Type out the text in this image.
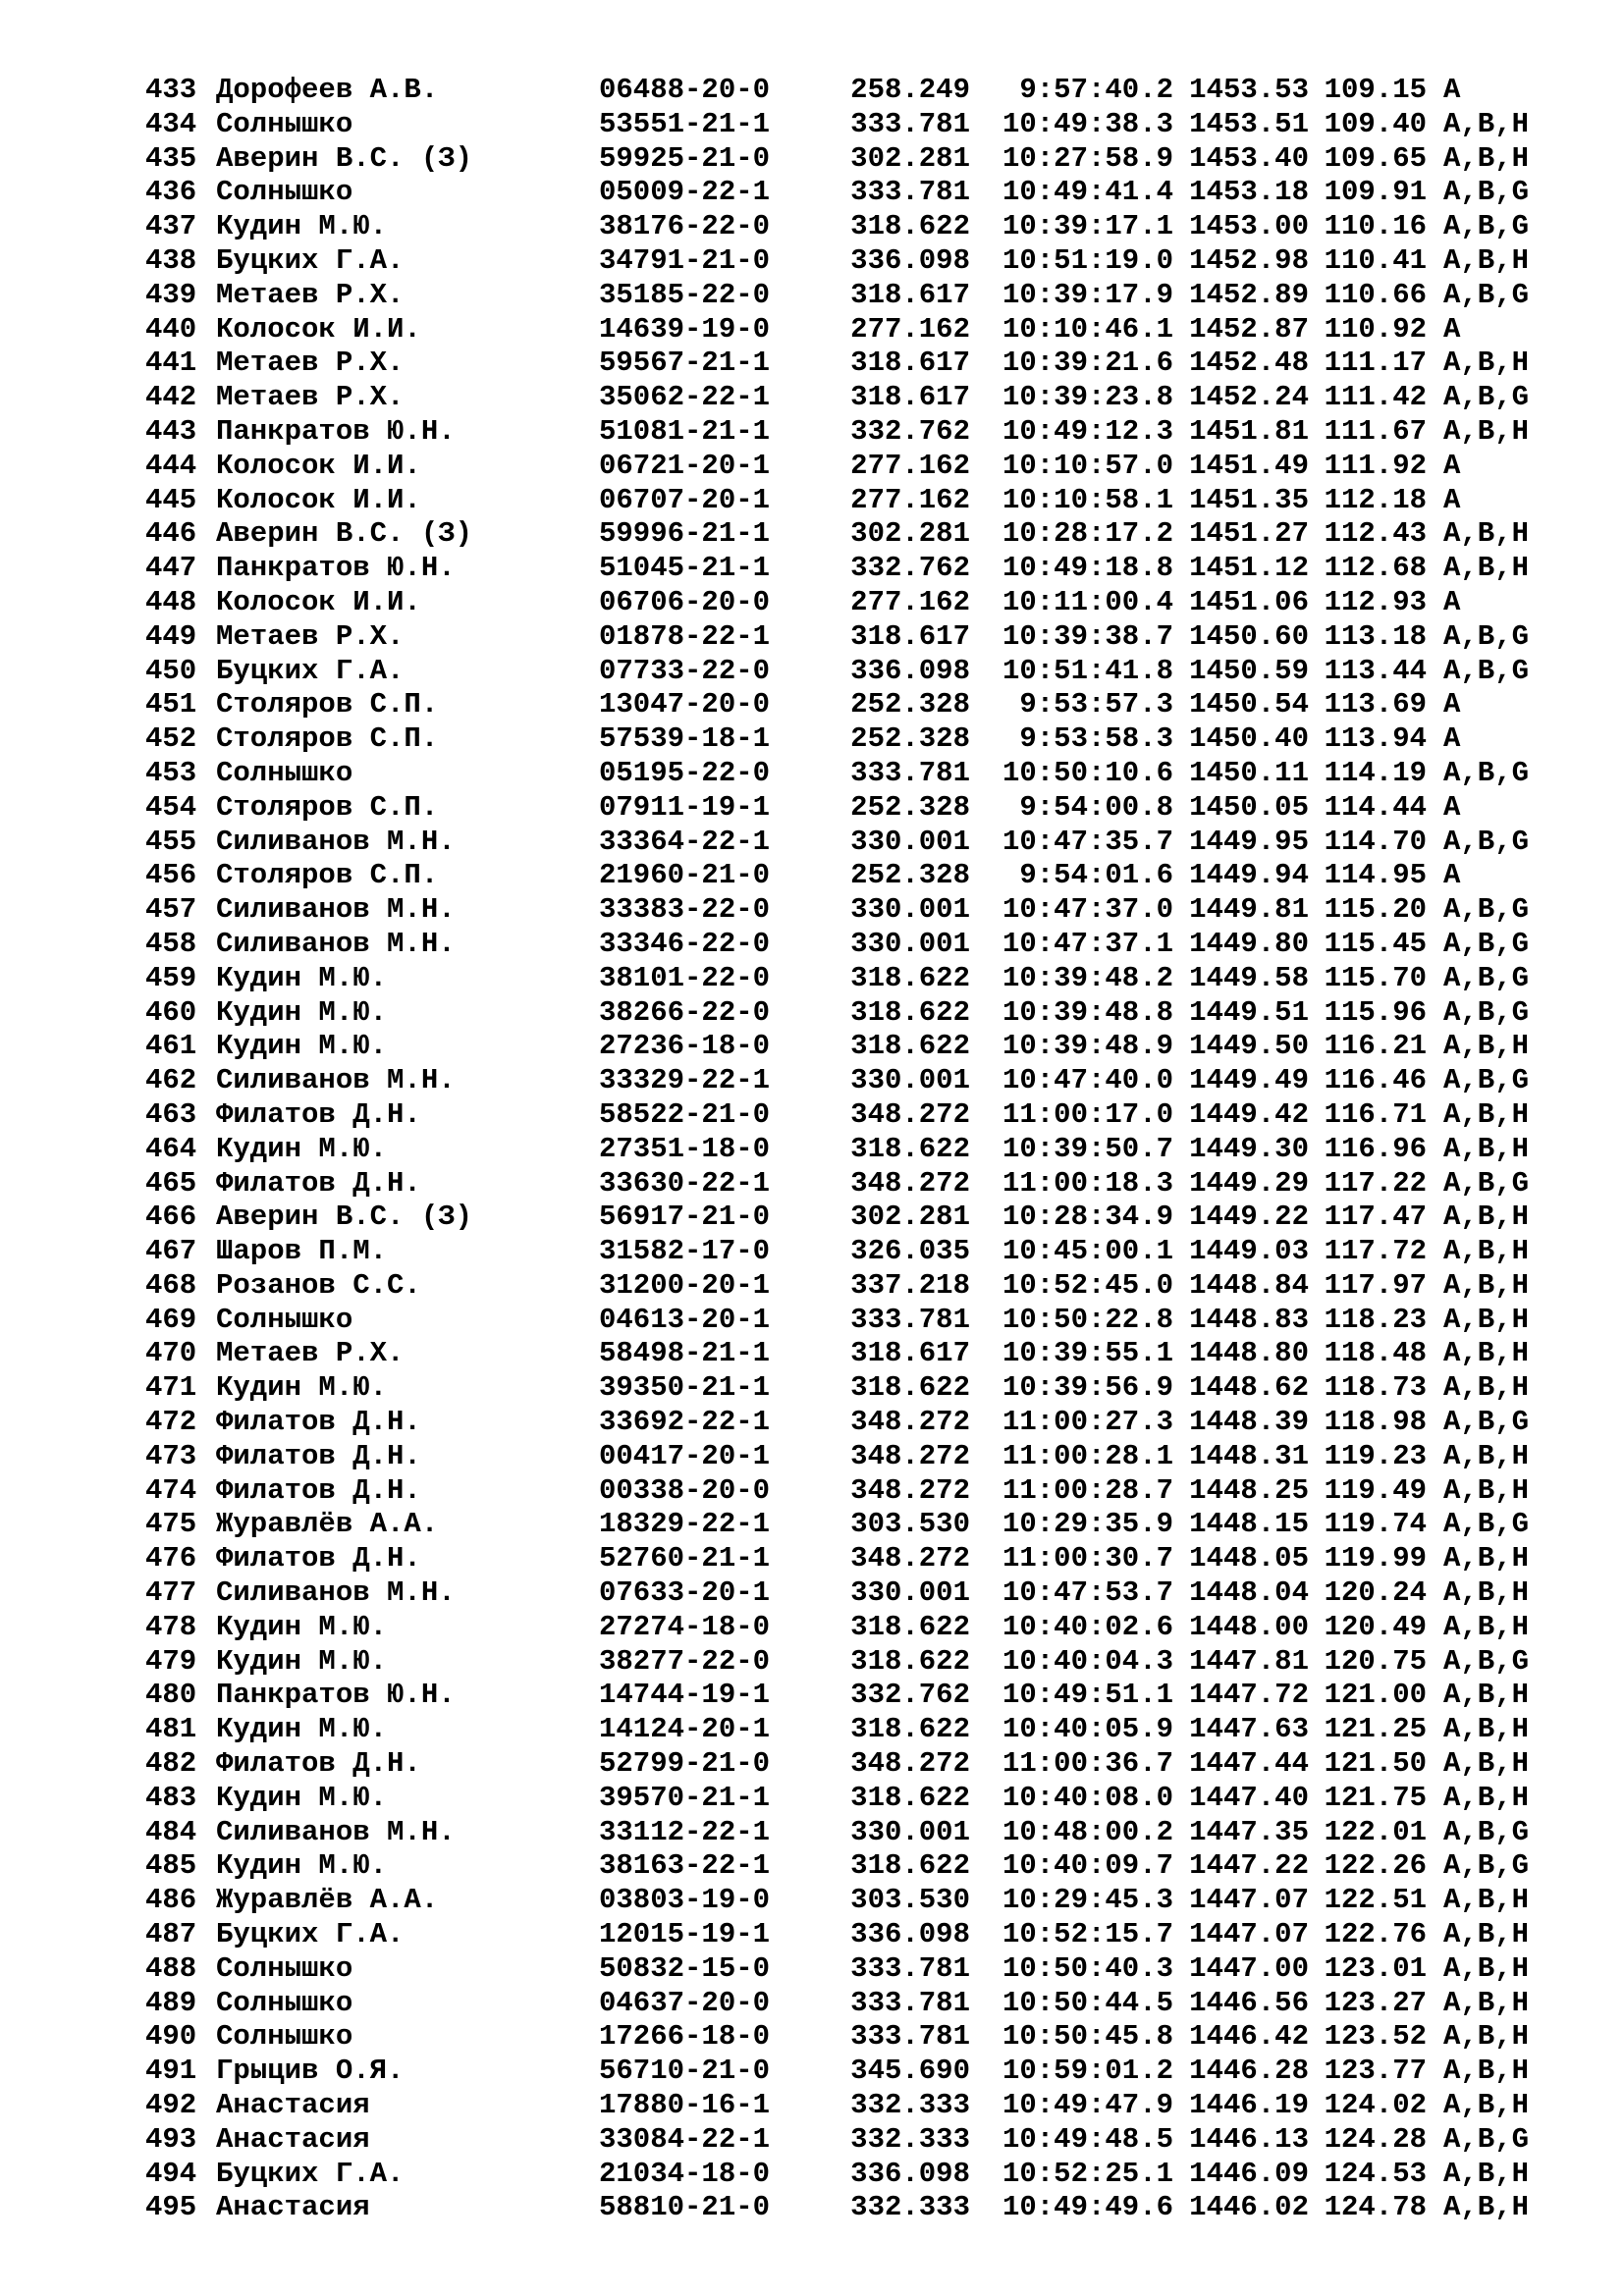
433 Дорофеев А.В.	06488-20-0	258.249	9:57:40.2 1453.53 109.15 A
434 Солнышко	53551-21-1	333.781	10:49:38.3 1453.51 109.40 A,B,H
435 Аверин В.С. (З)	59925-21-0	302.281	10:27:58.9 1453.40 109.65 A,B,H
436 Солнышко	05009-22-1	333.781	10:49:41.4 1453.18 109.91 A,B,G
437 Кудин М.Ю.	38176-22-0	318.622	10:39:17.1 1453.00 110.16 A,B,G
438 Буцких Г.А.	34791-21-0	336.098	10:51:19.0 1452.98 110.41 A,B,H
439 Метаев Р.Х.	35185-22-0	318.617	10:39:17.9 1452.89 110.66 A,B,G
440 Колосок И.И.	14639-19-0	277.162	10:10:46.1 1452.87 110.92 A
441 Метаев Р.Х.	59567-21-1	318.617	10:39:21.6 1452.48 111.17 A,B,H
442 Метаев Р.Х.	35062-22-1	318.617	10:39:23.8 1452.24 111.42 A,B,G
443 Панкратов Ю.Н.	51081-21-1	332.762	10:49:12.3 1451.81 111.67 A,B,H
444 Колосок И.И.	06721-20-1	277.162	10:10:57.0 1451.49 111.92 A
445 Колосок И.И.	06707-20-1	277.162	10:10:58.1 1451.35 112.18 A
446 Аверин В.С. (З)	59996-21-1	302.281	10:28:17.2 1451.27 112.43 A,B,H
447 Панкратов Ю.Н.	51045-21-1	332.762	10:49:18.8 1451.12 112.68 A,B,H
448 Колосок И.И.	06706-20-0	277.162	10:11:00.4 1451.06 112.93 A
449 Метаев Р.Х.	01878-22-1	318.617	10:39:38.7 1450.60 113.18 A,B,G
450 Буцких Г.А.	07733-22-0	336.098	10:51:41.8 1450.59 113.44 A,B,G
451 Столяров С.П.	13047-20-0	252.328	9:53:57.3 1450.54 113.69 A
452 Столяров С.П.	57539-18-1	252.328	9:53:58.3 1450.40 113.94 A
453 Солнышко	05195-22-0	333.781	10:50:10.6 1450.11 114.19 A,B,G
454 Столяров С.П.	07911-19-1	252.328	9:54:00.8 1450.05 114.44 A
455 Силиванов М.Н.	33364-22-1	330.001	10:47:35.7 1449.95 114.70 A,B,G
456 Столяров С.П.	21960-21-0	252.328	9:54:01.6 1449.94 114.95 A
457 Силиванов М.Н.	33383-22-0	330.001	10:47:37.0 1449.81 115.20 A,B,G
458 Силиванов М.Н.	33346-22-0	330.001	10:47:37.1 1449.80 115.45 A,B,G
459 Кудин М.Ю.	38101-22-0	318.622	10:39:48.2 1449.58 115.70 A,B,G
460 Кудин М.Ю.	38266-22-0	318.622	10:39:48.8 1449.51 115.96 A,B,G
461 Кудин М.Ю.	27236-18-0	318.622	10:39:48.9 1449.50 116.21 A,B,H
462 Силиванов М.Н.	33329-22-1	330.001	10:47:40.0 1449.49 116.46 A,B,G
463 Филатов Д.Н.	58522-21-0	348.272	11:00:17.0 1449.42 116.71 A,B,H
464 Кудин М.Ю.	27351-18-0	318.622	10:39:50.7 1449.30 116.96 A,B,H
465 Филатов Д.Н.	33630-22-1	348.272	11:00:18.3 1449.29 117.22 A,B,G
466 Аверин В.С. (З)	56917-21-0	302.281	10:28:34.9 1449.22 117.47 A,B,H
467 Шаров П.М.	31582-17-0	326.035	10:45:00.1 1449.03 117.72 A,B,H
468 Розанов С.С.	31200-20-1	337.218	10:52:45.0 1448.84 117.97 A,B,H
469 Солнышко	04613-20-1	333.781	10:50:22.8 1448.83 118.23 A,B,H
470 Метаев Р.Х.	58498-21-1	318.617	10:39:55.1 1448.80 118.48 A,B,H
471 Кудин М.Ю.	39350-21-1	318.622	10:39:56.9 1448.62 118.73 A,B,H
472 Филатов Д.Н.	33692-22-1	348.272	11:00:27.3 1448.39 118.98 A,B,G
473 Филатов Д.Н.	00417-20-1	348.272	11:00:28.1 1448.31 119.23 A,B,H
474 Филатов Д.Н.	00338-20-0	348.272	11:00:28.7 1448.25 119.49 A,B,H
475 Журавлёв А.А.	18329-22-1	303.530	10:29:35.9 1448.15 119.74 A,B,G
476 Филатов Д.Н.	52760-21-1	348.272	11:00:30.7 1448.05 119.99 A,B,H
477 Силиванов М.Н.	07633-20-1	330.001	10:47:53.7 1448.04 120.24 A,B,H
478 Кудин М.Ю.	27274-18-0	318.622	10:40:02.6 1448.00 120.49 A,B,H
479 Кудин М.Ю.	38277-22-0	318.622	10:40:04.3 1447.81 120.75 A,B,G
480 Панкратов Ю.Н.	14744-19-1	332.762	10:49:51.1 1447.72 121.00 A,B,H
481 Кудин М.Ю.	14124-20-1	318.622	10:40:05.9 1447.63 121.25 A,B,H
482 Филатов Д.Н.	52799-21-0	348.272	11:00:36.7 1447.44 121.50 A,B,H
483 Кудин М.Ю.	39570-21-1	318.622	10:40:08.0 1447.40 121.75 A,B,H
484 Силиванов М.Н.	33112-22-1	330.001	10:48:00.2 1447.35 122.01 A,B,G
485 Кудин М.Ю.	38163-22-1	318.622	10:40:09.7 1447.22 122.26 A,B,G
486 Журавлёв А.А.	03803-19-0	303.530	10:29:45.3 1447.07 122.51 A,B,H
487 Буцких Г.А.	12015-19-1	336.098	10:52:15.7 1447.07 122.76 A,B,H
488 Солнышко	50832-15-0	333.781	10:50:40.3 1447.00 123.01 A,B,H
489 Солнышко	04637-20-0	333.781	10:50:44.5 1446.56 123.27 A,B,H
490 Солнышко	17266-18-0	333.781	10:50:45.8 1446.42 123.52 A,B,H
491 Грыцив О.Я.	56710-21-0	345.690	10:59:01.2 1446.28 123.77 A,B,H
492 Анастасия	17880-16-1	332.333	10:49:47.9 1446.19 124.02 A,B,H
493 Анастасия	33084-22-1	332.333	10:49:48.5 1446.13 124.28 A,B,G
494 Буцких Г.А.	21034-18-0	336.098	10:52:25.1 1446.09 124.53 A,B,H
495 Анастасия	58810-21-0	332.333	10:49:49.6 1446.02 124.78 A,B,H
